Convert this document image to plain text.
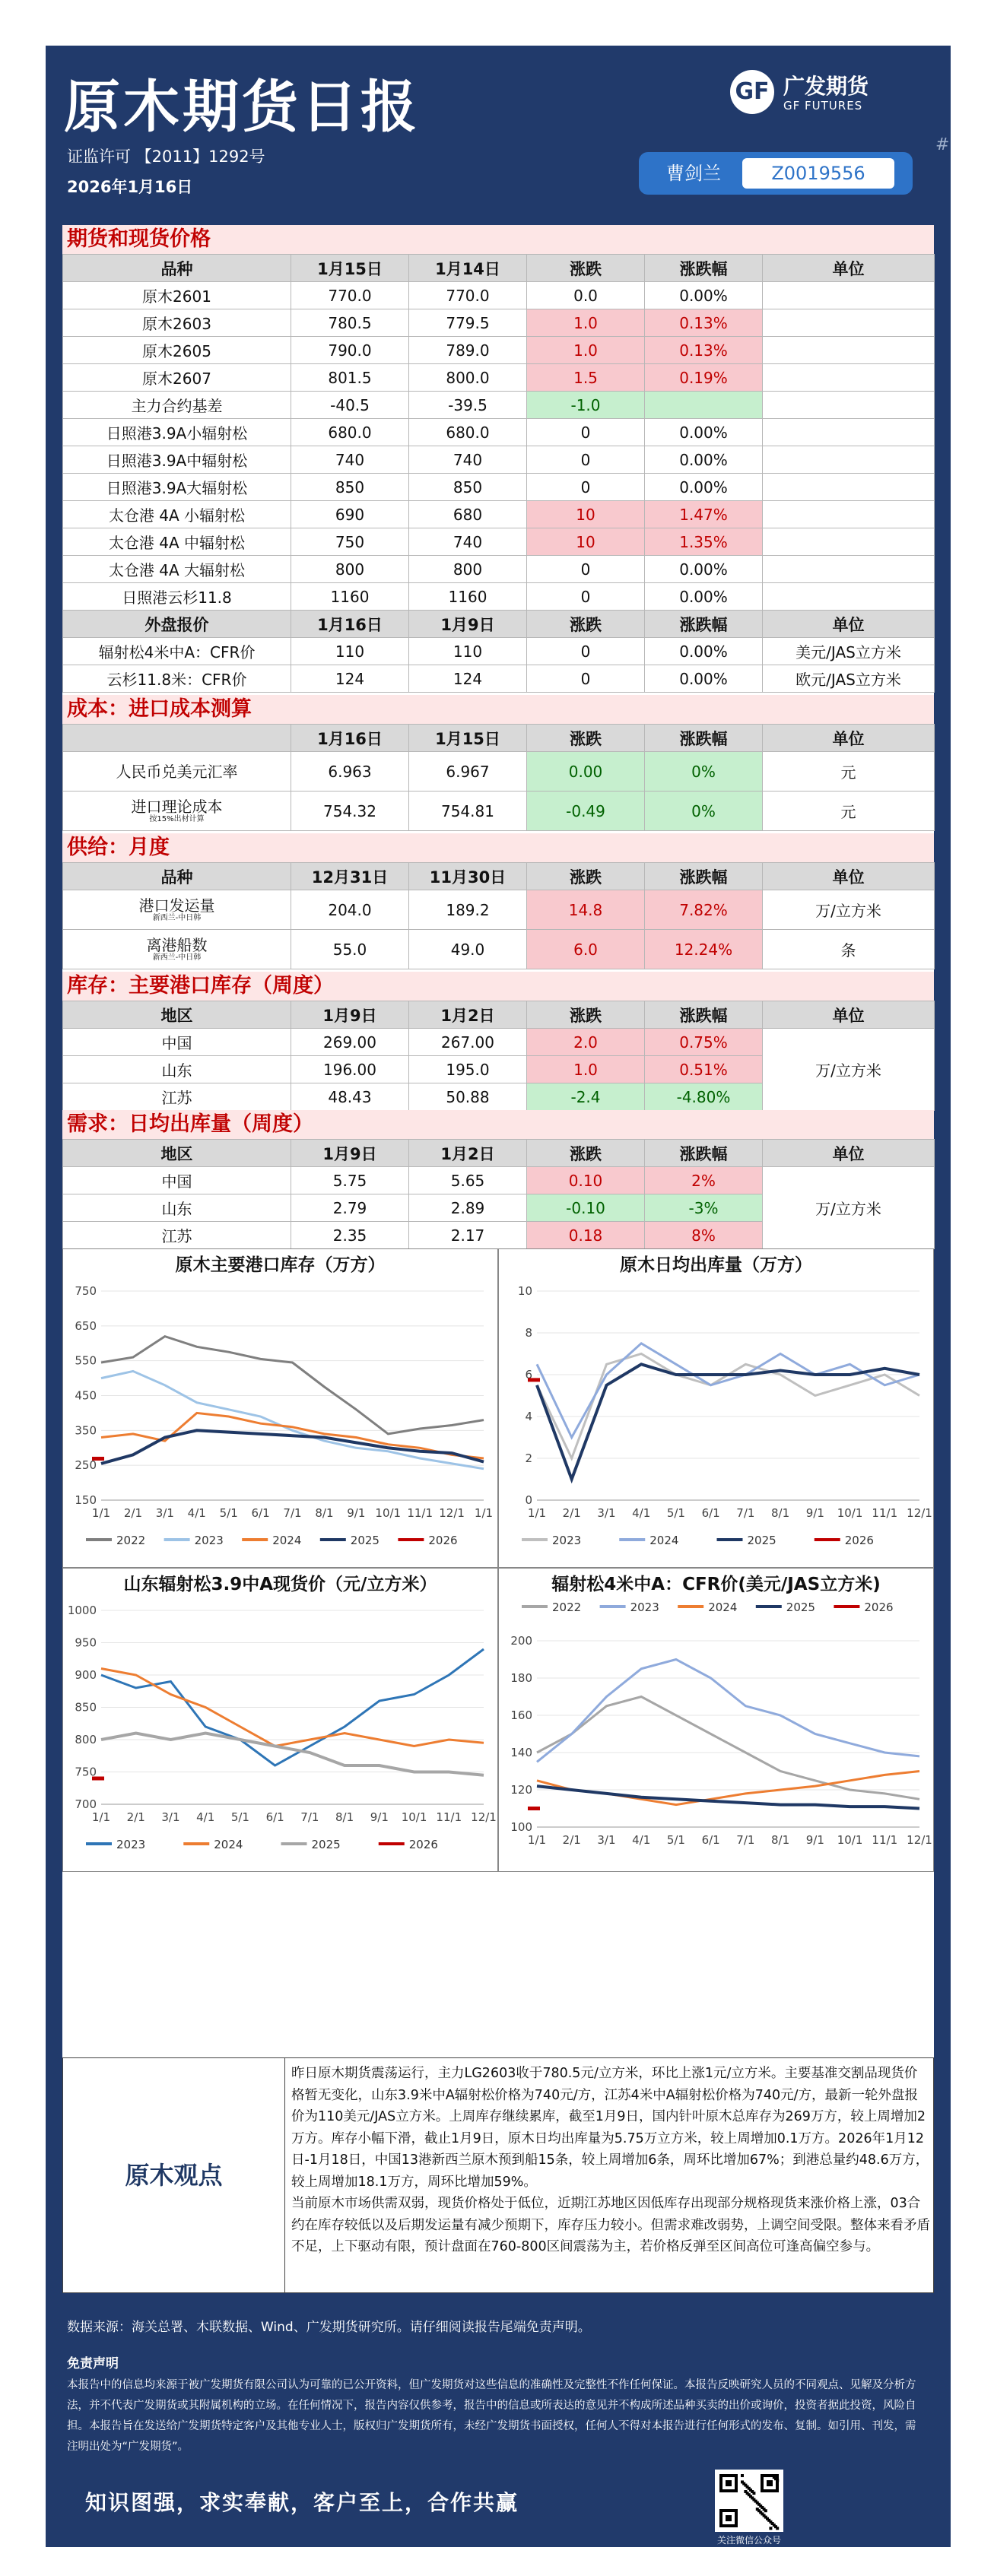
原木期货日报
证监许可 【2011】1292号
2026年1月16日
GF 广发期货
GF FUTURES
曹剑兰	Z0019556
#
期货和现货价格
品种	1月15日	1月14日	涨跌	涨跌幅	单位
原木2601	770.0	770.0	0.0	0.00%	
原木2603	780.5	779.5	1.0	0.13%	
原木2605	790.0	789.0	1.0	0.13%	
原木2607	801.5	800.0	1.5	0.19%	
主力合约基差	-40.5	-39.5	-1.0		
日照港3.9A小辐射松	680.0	680.0	0	0.00%	
日照港3.9A中辐射松	740	740	0	0.00%	
日照港3.9A大辐射松	850	850	0	0.00%	
太仓港 4A 小辐射松	690	680	10	1.47%	
太仓港 4A 中辐射松	750	740	10	1.35%	
太仓港 4A 大辐射松	800	800	0	0.00%	
日照港云杉11.8	1160	1160	0	0.00%	
外盘报价	1月16日	1月9日	涨跌	涨跌幅	单位
辐射松4米中A：CFR价	110	110	0	0.00%	美元/JAS立方米
云杉11.8米：CFR价	124	124	0	0.00%	欧元/JAS立方米
成本：进口成本测算
	1月16日	1月15日	涨跌	涨跌幅	单位
人民币兑美元汇率	6.963	6.967	0.00	0%	元
进口理论成本
按15%出材计算	754.32	754.81	-0.49	0%	元
供给：月度
品种	12月31日	11月30日	涨跌	涨跌幅	单位
港口发运量
新西兰-中日韩	204.0	189.2	14.8	7.82%	万/立方米
离港船数
新西兰-中日韩	55.0	49.0	6.0	12.24%	条
库存：主要港口库存（周度）
地区	1月9日	1月2日	涨跌	涨跌幅	单位
中国	269.00	267.00	2.0	0.75%	万/立方米
山东	196.00	195.0	1.0	0.51%	
江苏	48.43	50.88	-2.4	-4.80%	
需求：日均出库量（周度）
地区	1月9日	1月2日	涨跌	涨跌幅	单位
中国	5.75	5.65	0.10	2%	万/立方米
山东	2.79	2.89	-0.10	-3%	
江苏	2.35	2.17	0.18	8%	
原木主要港口库存（万方）
150
250
350
450
550
650
750
1/1 2/1 3/1 4/1 5/1 6/1 7/1 8/1 9/1 10/1 11/1 12/1 1/1
2022	2023	2024	2025	2026
原木日均出库量（万方）
0
2
4
6
8
10
1/1 2/1 3/1 4/1 5/1 6/1 7/1 8/1 9/1 10/1 11/1 12/1
2023	2024	2025	2026
山东辐射松3.9中A现货价（元/立方米）
700
750
800
850
900
950
1000
1/1 2/1 3/1 4/1 5/1 6/1 7/1 8/1 9/1 10/1 11/1 12/1
2023	2024	2025	2026
辐射松4米中A：CFR价(美元/JAS立方米)
100
120
140
160
180
200
1/1 2/1 3/1 4/1 5/1 6/1 7/1 8/1 9/1 10/1 11/1 12/1
2022	2023	2024	2025	2026
原木观点

昨日原木期货震荡运行，主力LG2603收于780.5元/立方米，环比上涨1元/立方米。主要基准交割品现货价格暂无变化，山东3.9米中A辐射松价格为740元/方，江苏4米中A辐射松价格为740元/方，最新一轮外盘报价为110美元/JAS立方米。上周库存继续累库，截至1月9日，国内针叶原木总库存为269万方，较上周增加2万方。库存小幅下滑，截止1月9日，原木日均出库量为5.75万立方米，较上周增加0.1万方。2026年1月12日-1月18日，中国13港新西兰原木预到船15条，较上周增加6条，周环比增加67%；到港总量约48.6万方，较上周增加18.1万方，周环比增加59%。

当前原木市场供需双弱，现货价格处于低位，近期江苏地区因低库存出现部分规格现货来涨价格上涨，03合约在库存较低以及后期发运量有减少预期下，库存压力较小。但需求难改弱势，上调空间受限。整体来看矛盾不足，上下驱动有限，预计盘面在760-800区间震荡为主，若价格反弹至区间高位可逢高偏空参与。

数据来源：海关总署、木联数据、Wind、广发期货研究所。请仔细阅读报告尾端免责声明。
免责声明
本报告中的信息均来源于被广发期货有限公司认为可靠的已公开资料，但广发期货对这些信息的准确性及完整性不作任何保证。本报告反映研究人员的不同观点、见解及分析方法，并不代表广发期货或其附属机构的立场。在任何情况下，报告内容仅供参考，报告中的信息或所表达的意见并不构成所述品种买卖的出价或询价，投资者据此投资，风险自担。本报告旨在发送给广发期货特定客户及其他专业人士，版权归广发期货所有，未经广发期货书面授权，任何人不得对本报告进行任何形式的发布、复制。如引用、刊发，需注明出处为“广发期货”。
知识图强，求实奉献，客户至上，合作共赢
关注微信公众号
